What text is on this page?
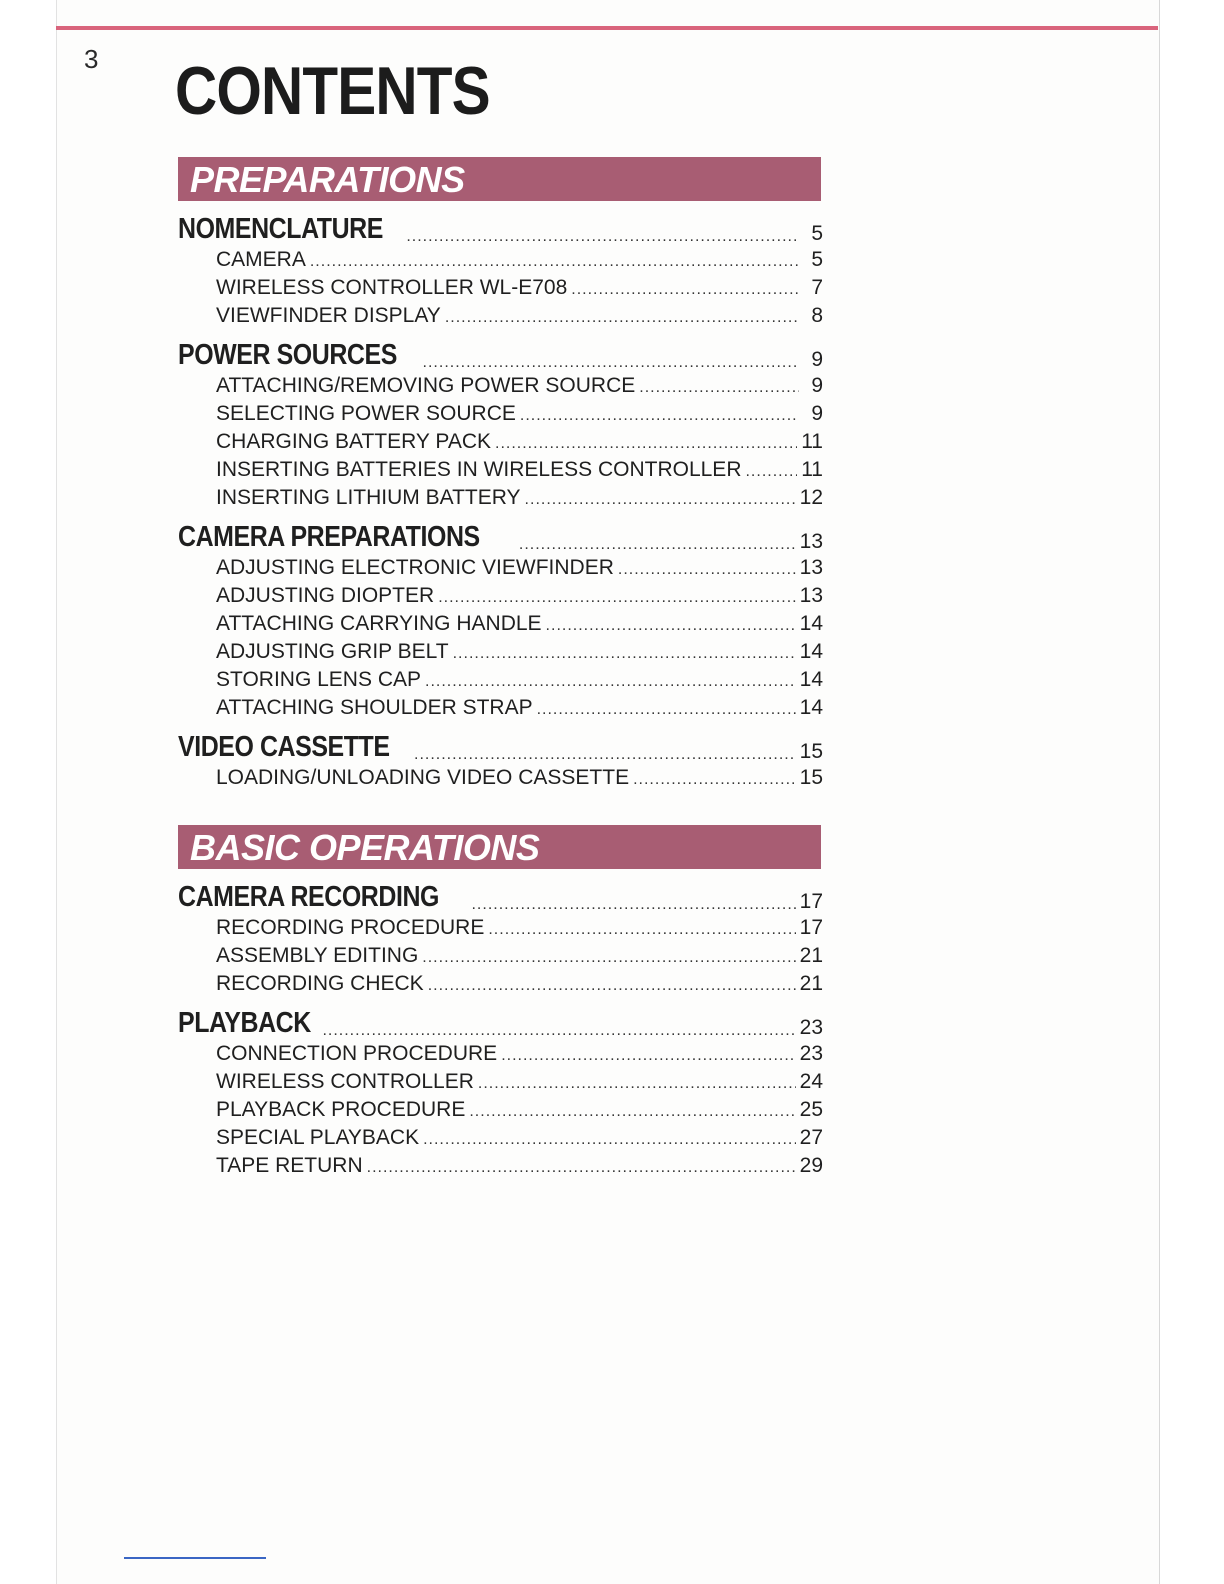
3 CONTENTS
PREPARATIONS
NOMENCLATURE .....	5
CAMERA .....	5
WIRELESS CONTROLLER WL-E708 .....	7
VIEWFINDER DISPLAY .....	8
POWER SOURCES .....	9
ATTACHING/REMOVING POWER SOURCE .....	9
SELECTING POWER SOURCE .....	9
CHARGING BATTERY PACK .....	11
INSERTING BATTERIES IN WIRELESS CONTROLLER .....	11
INSERTING LITHIUM BATTERY .....	12
CAMERA PREPARATIONS .....	13
ADJUSTING ELECTRONIC VIEWFINDER .....	13
ADJUSTING DIOPTER .....	13
ATTACHING CARRYING HANDLE .....	14
ADJUSTING GRIP BELT .....	14
STORING LENS CAP .....	14
ATTACHING SHOULDER STRAP .....	14
VIDEO CASSETTE .....	15
LOADING/UNLOADING VIDEO CASSETTE .....	15
BASIC OPERATIONS
CAMERA RECORDING .....	17
RECORDING PROCEDURE .....	17
ASSEMBLY EDITING .....	21
RECORDING CHECK .....	21
PLAYBACK .....	23
CONNECTION PROCEDURE .....	23
WIRELESS CONTROLLER .....	24
PLAYBACK PROCEDURE .....	25
SPECIAL PLAYBACK .....	27
TAPE RETURN .....	29
